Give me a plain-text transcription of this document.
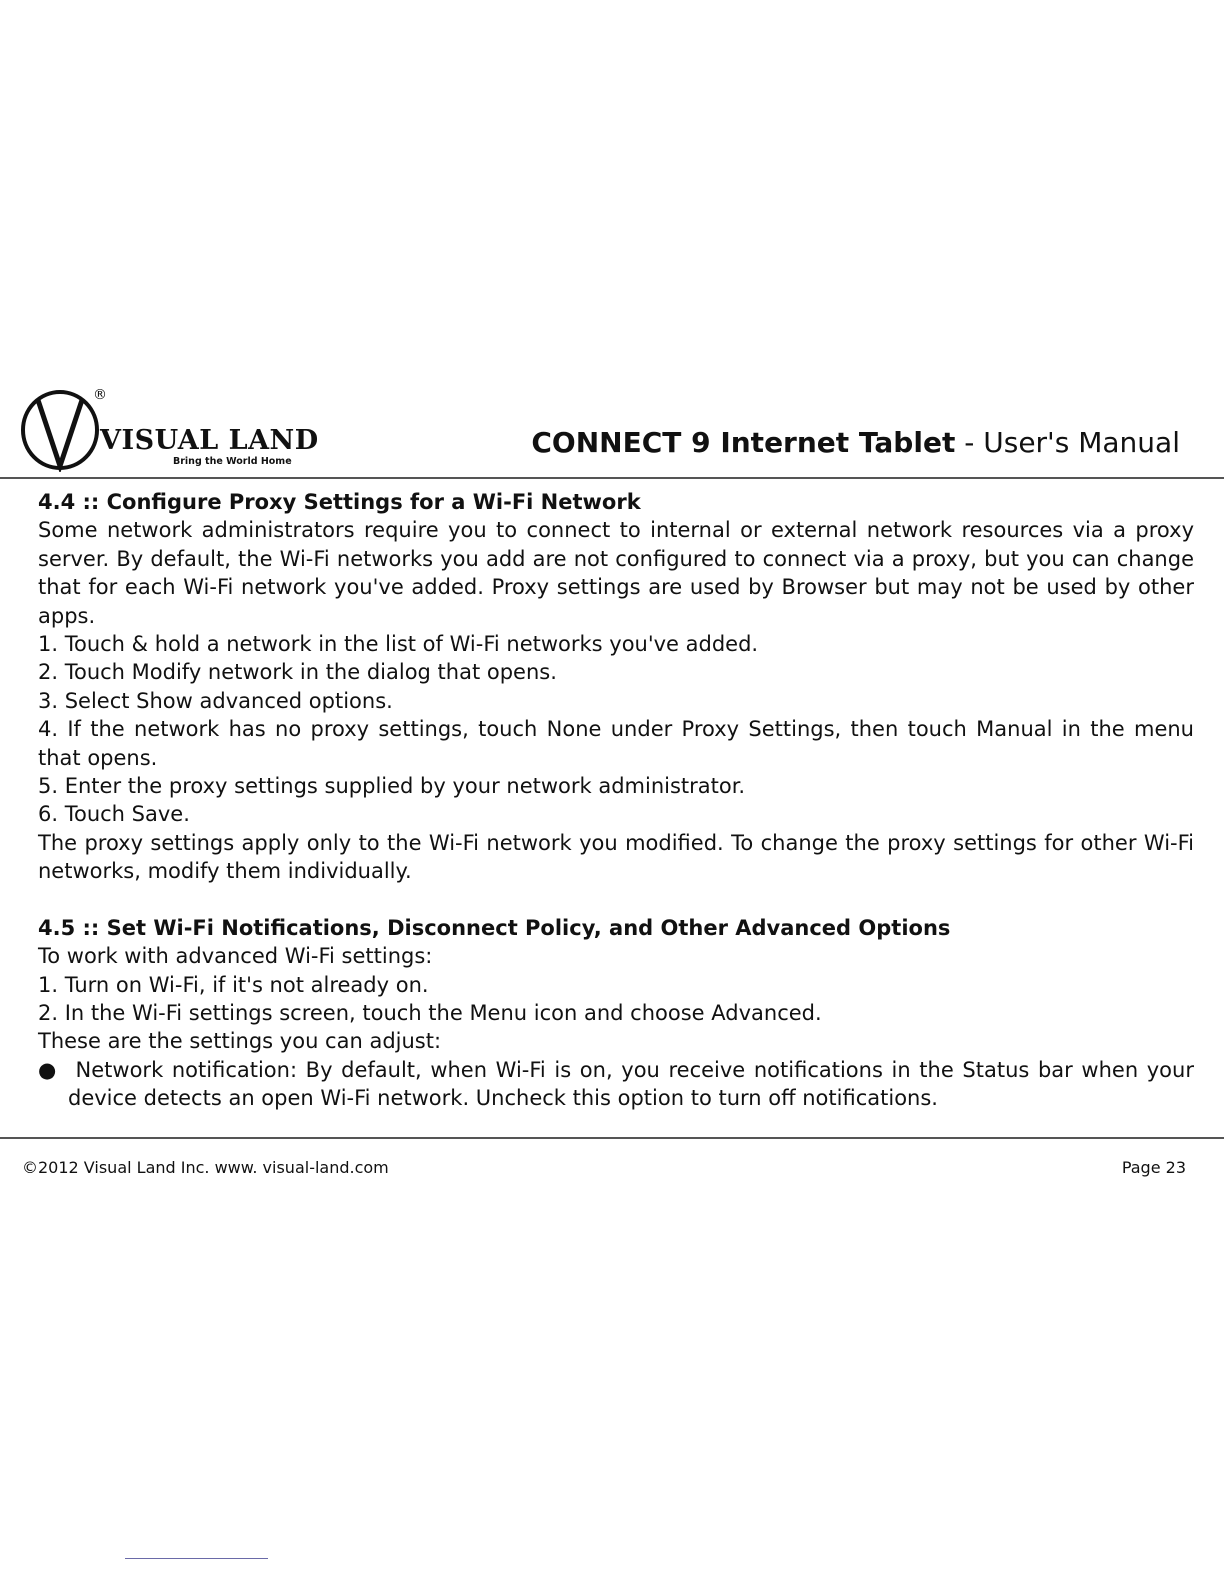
®
VISUAL LAND
Bring the World Home
CONNECT 9 Internet Tablet - User's Manual
4.4 :: Configure Proxy Settings for a Wi-Fi Network

Some network administrators require you to connect to internal or external network resources via a proxy server. By default, the Wi-Fi networks you add are not configured to connect via a proxy, but you can change that for each Wi-Fi network you've added. Proxy settings are used by Browser but may not be used by other apps.

1. Touch & hold a network in the list of Wi-Fi networks you've added.

2. Touch Modify network in the dialog that opens.

3. Select Show advanced options.

4. If the network has no proxy settings, touch None under Proxy Settings, then touch Manual in the menu that opens.

5. Enter the proxy settings supplied by your network administrator.

6. Touch Save.

The proxy settings apply only to the Wi-Fi network you modified. To change the proxy settings for other Wi-Fi networks, modify them individually.

4.5 :: Set Wi-Fi Notifications, Disconnect Policy, and Other Advanced Options

To work with advanced Wi-Fi settings:

1. Turn on Wi-Fi, if it's not already on.

2. In the Wi-Fi settings screen, touch the Menu icon and choose Advanced.

These are the settings you can adjust:

● Network notification: By default, when Wi-Fi is on, you receive notifications in the Status bar when your device detects an open Wi-Fi network. Uncheck this option to turn off notifications.

©2012 Visual Land Inc. www. visual-land.com	Page 23
